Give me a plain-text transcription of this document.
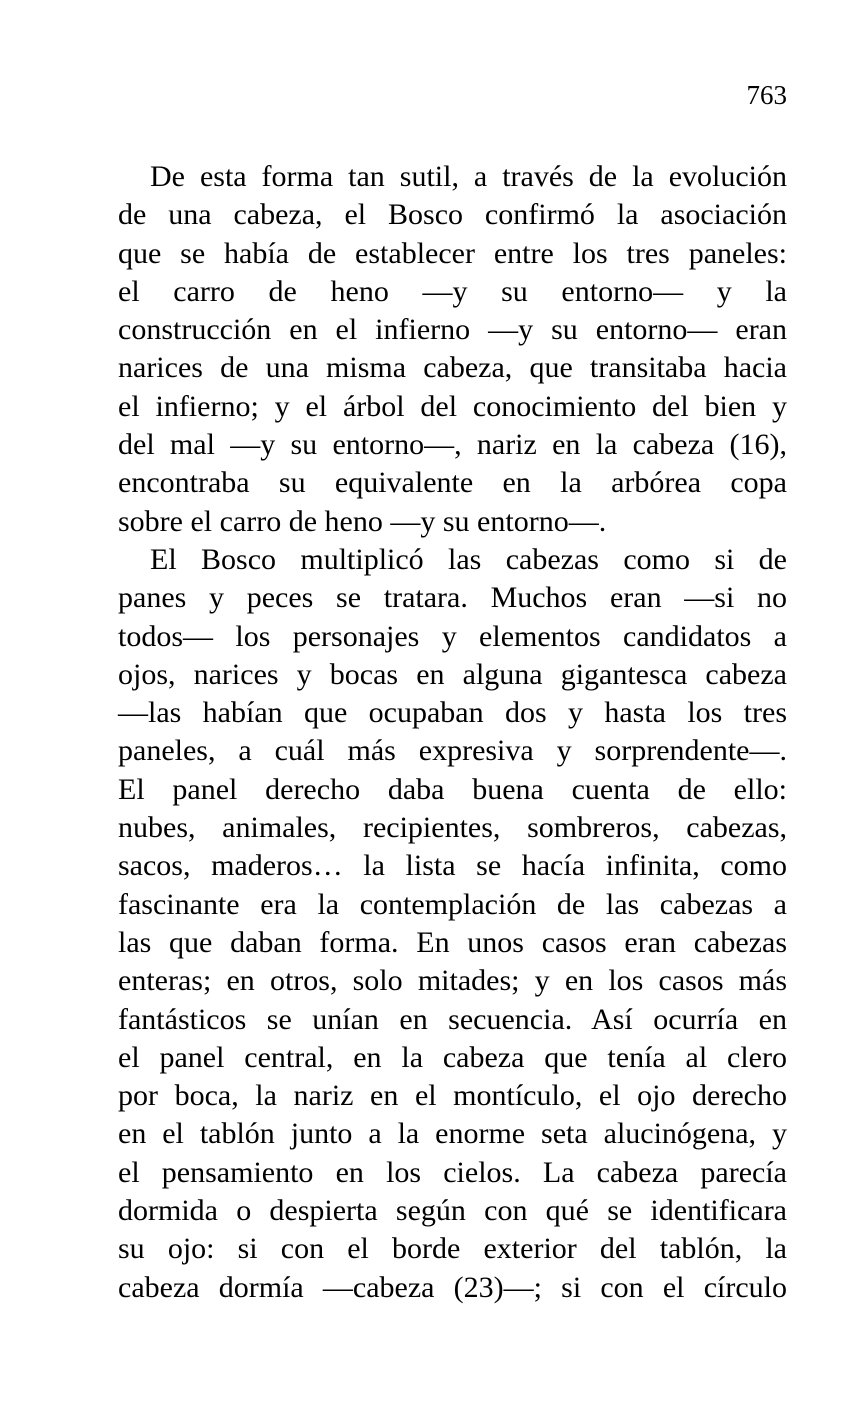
763

De esta forma tan sutil, a través de la evolución
de una cabeza, el Bosco confirmó la asociación
que se había de establecer entre los tres paneles:
el carro de heno —y su entorno— y la
construcción en el infierno —y su entorno— eran
narices de una misma cabeza, que transitaba hacia
el infierno; y el árbol del conocimiento del bien y
del mal —y su entorno—, nariz en la cabeza (16),
encontraba su equivalente en la arbórea copa
sobre el carro de heno —y su entorno—.

El Bosco multiplicó las cabezas como si de
panes y peces se tratara. Muchos eran —si no
todos— los personajes y elementos candidatos a
ojos, narices y bocas en alguna gigantesca cabeza
—las habían que ocupaban dos y hasta los tres
paneles, a cuál más expresiva y sorprendente—.
El panel derecho daba buena cuenta de ello:
nubes, animales, recipientes, sombreros, cabezas,
sacos, maderos… la lista se hacía infinita, como
fascinante era la contemplación de las cabezas a
las que daban forma. En unos casos eran cabezas
enteras; en otros, solo mitades; y en los casos más
fantásticos se unían en secuencia. Así ocurría en
el panel central, en la cabeza que tenía al clero
por boca, la nariz en el montículo, el ojo derecho
en el tablón junto a la enorme seta alucinógena, y
el pensamiento en los cielos. La cabeza parecía
dormida o despierta según con qué se identificara
su ojo: si con el borde exterior del tablón, la
cabeza dormía —cabeza (23)—; si con el círculo
